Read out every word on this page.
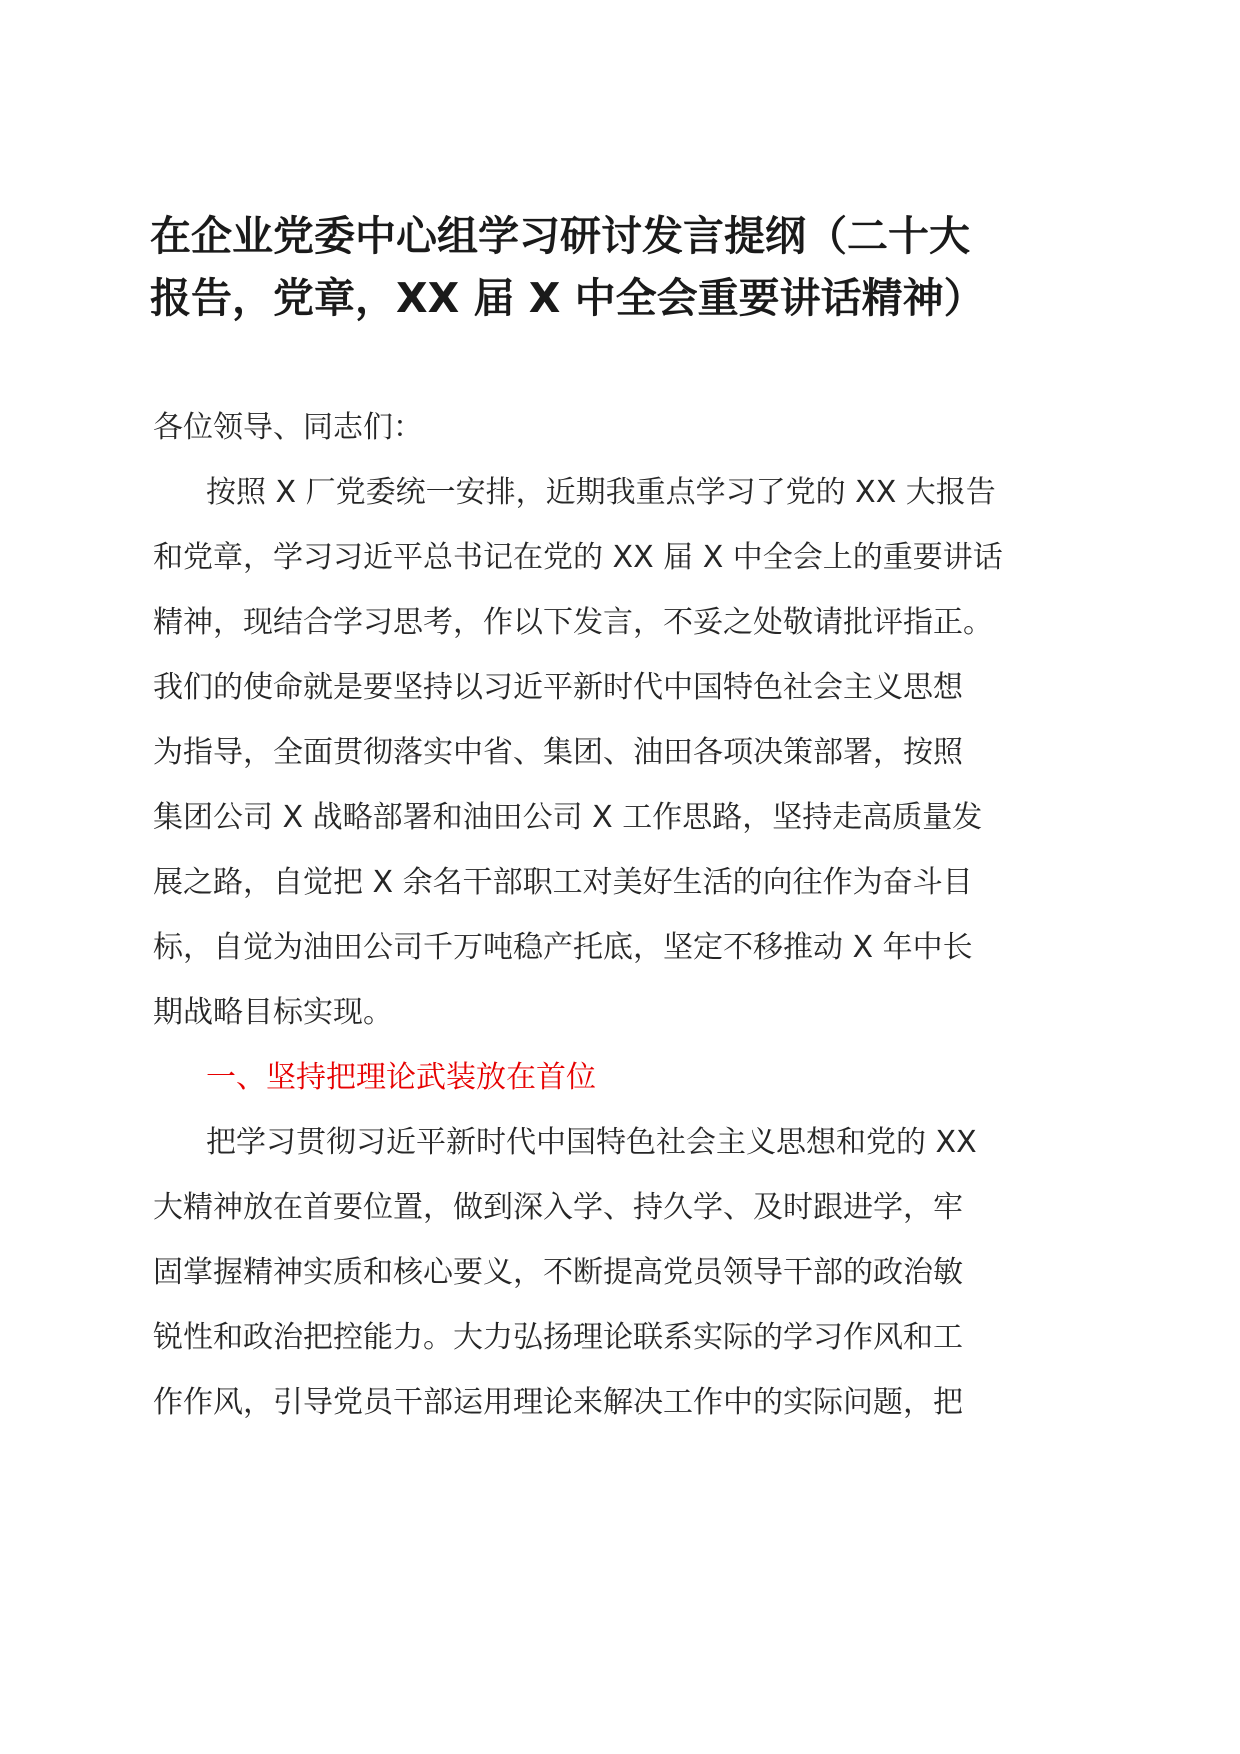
在企业党委中心组学习研讨发言提纲（二十大
报告，党章，XX 届 X 中全会重要讲话精神）
各位领导、同志们：
按照 X 厂党委统一安排，近期我重点学习了党的 XX 大报告
和党章，学习习近平总书记在党的 XX 届 X 中全会上的重要讲话
精神，现结合学习思考，作以下发言，不妥之处敬请批评指正。
我们的使命就是要坚持以习近平新时代中国特色社会主义思想
为指导，全面贯彻落实中省、集团、油田各项决策部署，按照
集团公司 X 战略部署和油田公司 X 工作思路，坚持走高质量发
展之路，自觉把 X 余名干部职工对美好生活的向往作为奋斗目
标，自觉为油田公司千万吨稳产托底，坚定不移推动 X 年中长
期战略目标实现。
一、坚持把理论武装放在首位
把学习贯彻习近平新时代中国特色社会主义思想和党的 XX
大精神放在首要位置，做到深入学、持久学、及时跟进学，牢
固掌握精神实质和核心要义，不断提高党员领导干部的政治敏
锐性和政治把控能力。大力弘扬理论联系实际的学习作风和工
作作风，引导党员干部运用理论来解决工作中的实际问题，把
